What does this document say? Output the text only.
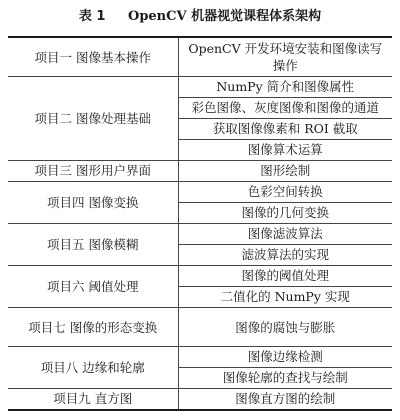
表 1 OpenCV 机器视觉课程体系架构
项目一 图像基本操作	OpenCV 开发环境安装和图像读写操作
项目二 图像处理基础	NumPy 简介和图像属性
	彩色图像、灰度图像和图像的通道
	获取图像像素和 ROI 截取
	图像算术运算
项目三 图形用户界面	图形绘制
项目四 图像变换	色彩空间转换
	图像的几何变换
项目五 图像模糊	图像滤波算法
	滤波算法的实现
项目六 阈值处理	图像的阈值处理
	二值化的 NumPy 实现
项目七 图像的形态变换	图像的腐蚀与膨胀
项目八 边缘和轮廓	图像边缘检测
	图像轮廓的查找与绘制
项目九 直方图	图像直方图的绘制
